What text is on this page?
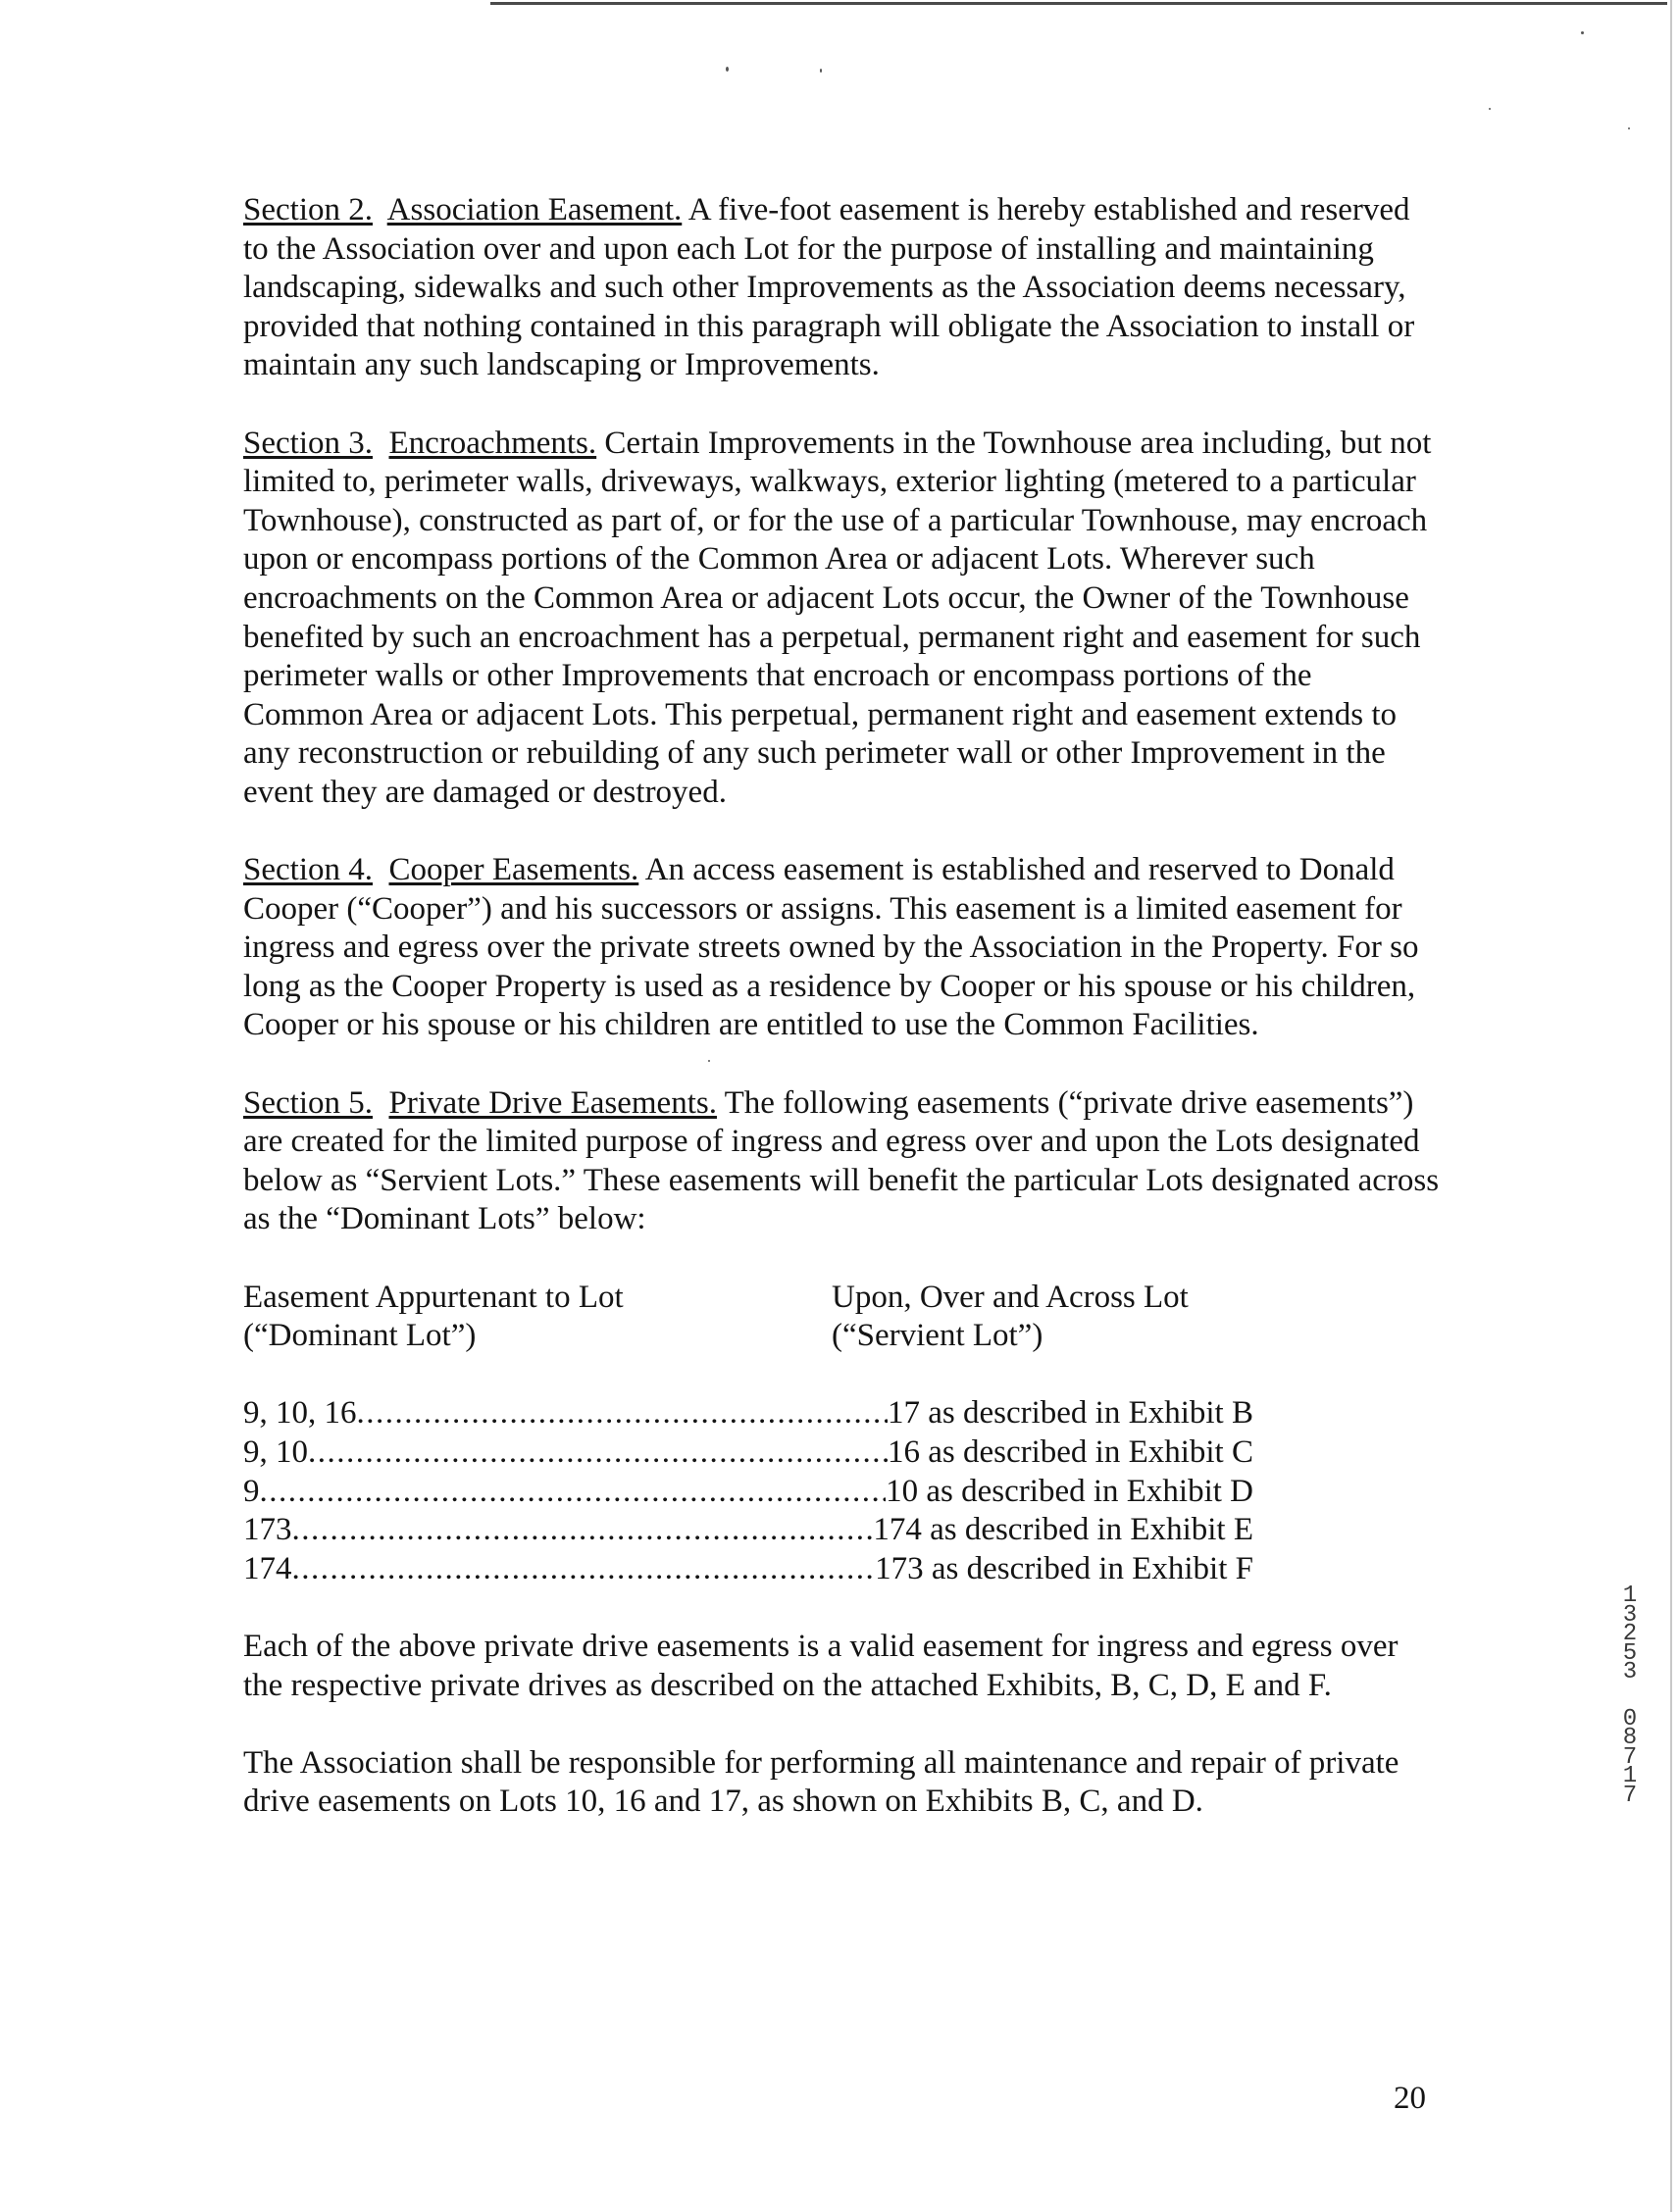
Section 2. Association Easement. A five-foot easement is hereby established and reserved to the Association over and upon each Lot for the purpose of installing and maintaining landscaping, sidewalks and such other Improvements as the Association deems necessary, provided that nothing contained in this paragraph will obligate the Association to install or maintain any such landscaping or Improvements.

Section 3. Encroachments. Certain Improvements in the Townhouse area including, but not limited to, perimeter walls, driveways, walkways, exterior lighting (metered to a particular Townhouse), constructed as part of, or for the use of a particular Townhouse, may encroach upon or encompass portions of the Common Area or adjacent Lots. Wherever such encroachments on the Common Area or adjacent Lots occur, the Owner of the Townhouse benefited by such an encroachment has a perpetual, permanent right and easement for such perimeter walls or other Improvements that encroach or encompass portions of the Common Area or adjacent Lots. This perpetual, permanent right and easement extends to any reconstruction or rebuilding of any such perimeter wall or other Improvement in the event they are damaged or destroyed.

Section 4. Cooper Easements. An access easement is established and reserved to Donald Cooper (“Cooper”) and his successors or assigns. This easement is a limited easement for ingress and egress over the private streets owned by the Association in the Property. For so long as the Cooper Property is used as a residence by Cooper or his spouse or his children, Cooper or his spouse or his children are entitled to use the Common Facilities.

Section 5. Private Drive Easements. The following easements (“private drive easements”) are created for the limited purpose of ingress and egress over and upon the Lots designated below as “Servient Lots.” These easements will benefit the particular Lots designated across as the “Dominant Lots” below:

Easement Appurtenant to Lot
(“Dominant Lot”)
Upon, Over and Across Lot
(“Servient Lot”)
9, 10, 16 .....	17 as described in Exhibit B
9, 10 .....	16 as described in Exhibit C
9 .....	10 as described in Exhibit D
173 .....	174 as described in Exhibit E
174 .....	173 as described in Exhibit F

Each of the above private drive easements is a valid easement for ingress and egress over the respective private drives as described on the attached Exhibits, B, C, D, E and F.

The Association shall be responsible for performing all maintenance and repair of private drive easements on Lots 10, 16 and 17, as shown on Exhibits B, C, and D.

1
3
2
5
3
0
8
7
1
7
20
